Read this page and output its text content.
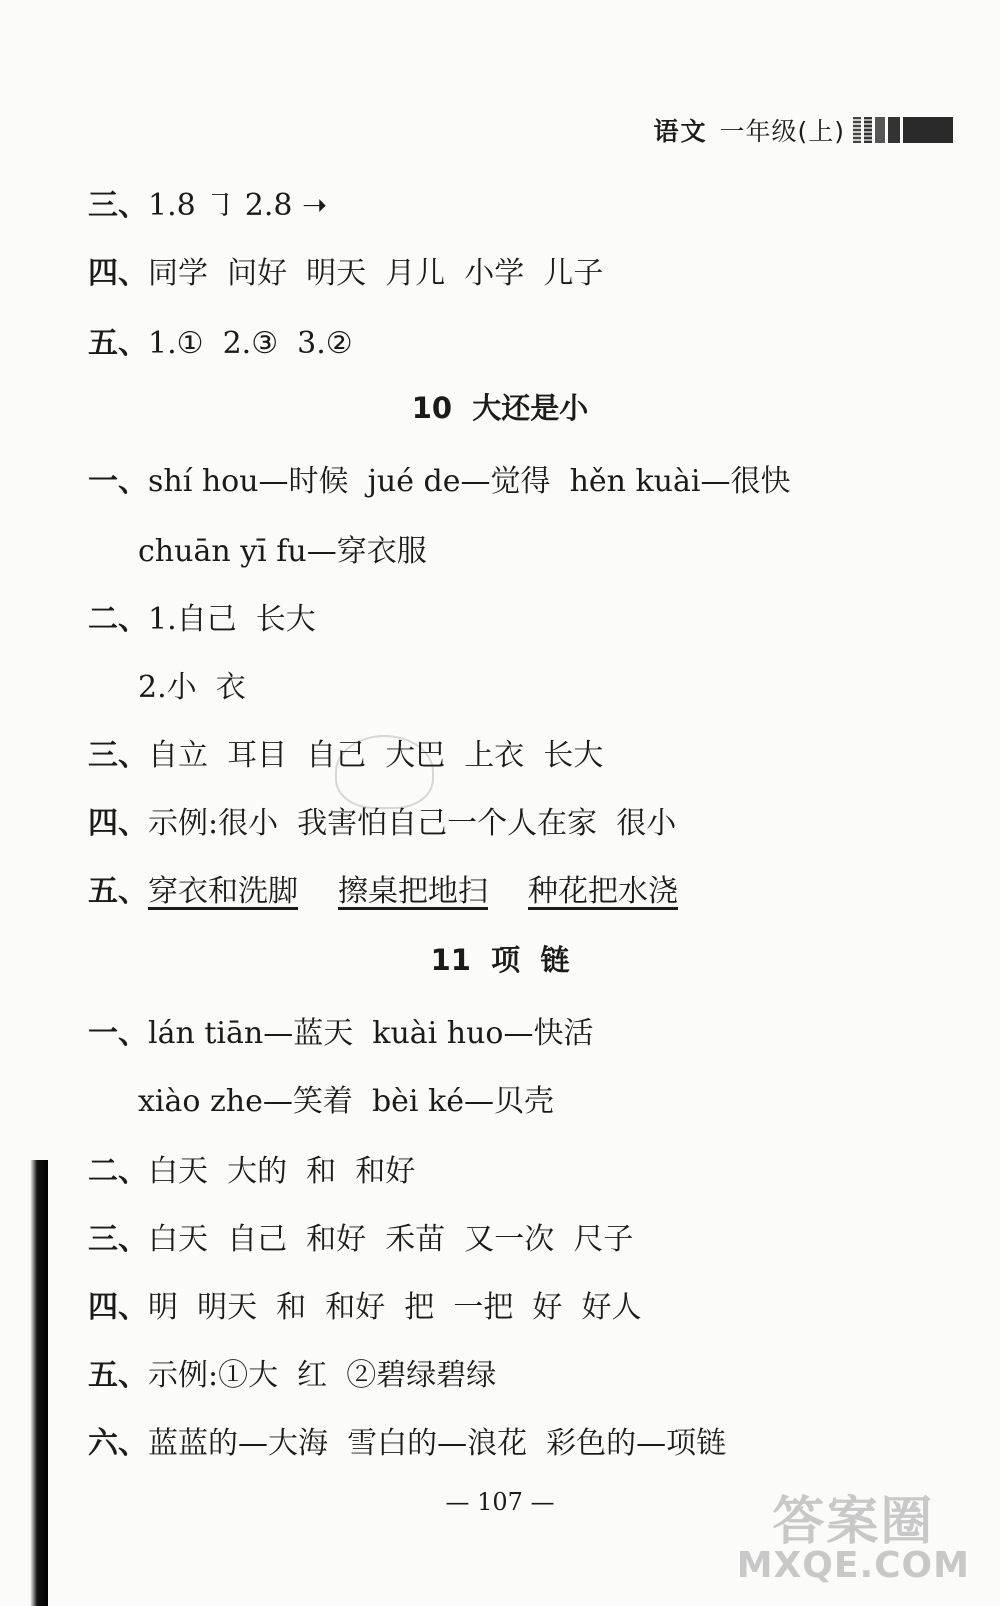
语文 一年级(上)
三、1.8 ㇆ 2.8 ➝
四、同学  问好  明天  月儿  小学  儿子
五、1.①  2.③  3.②
10  大还是小
一、shí hou—时候  jué de—觉得  hěn kuài—很快
chuān yī fu—穿衣服
二、1.自己  长大
2.小  衣
三、自立  耳目  自己  大巴  上衣  长大
四、示例:很小  我害怕自己一个人在家  很小
五、穿衣和洗脚 擦桌把地扫 种花把水浇
11  项  链
一、lán tiān—蓝天  kuài huo—快活
xiào zhe—笑着  bèi ké—贝壳
二、白天  大的  和  和好
三、白天  自己  和好  禾苗  又一次  尺子
四、明  明天  和  和好  把  一把  好  好人
五、示例:①大  红  ②碧绿碧绿
六、蓝蓝的—大海  雪白的—浪花  彩色的—项链
— 107 —	答案圈
MXQE.COM
